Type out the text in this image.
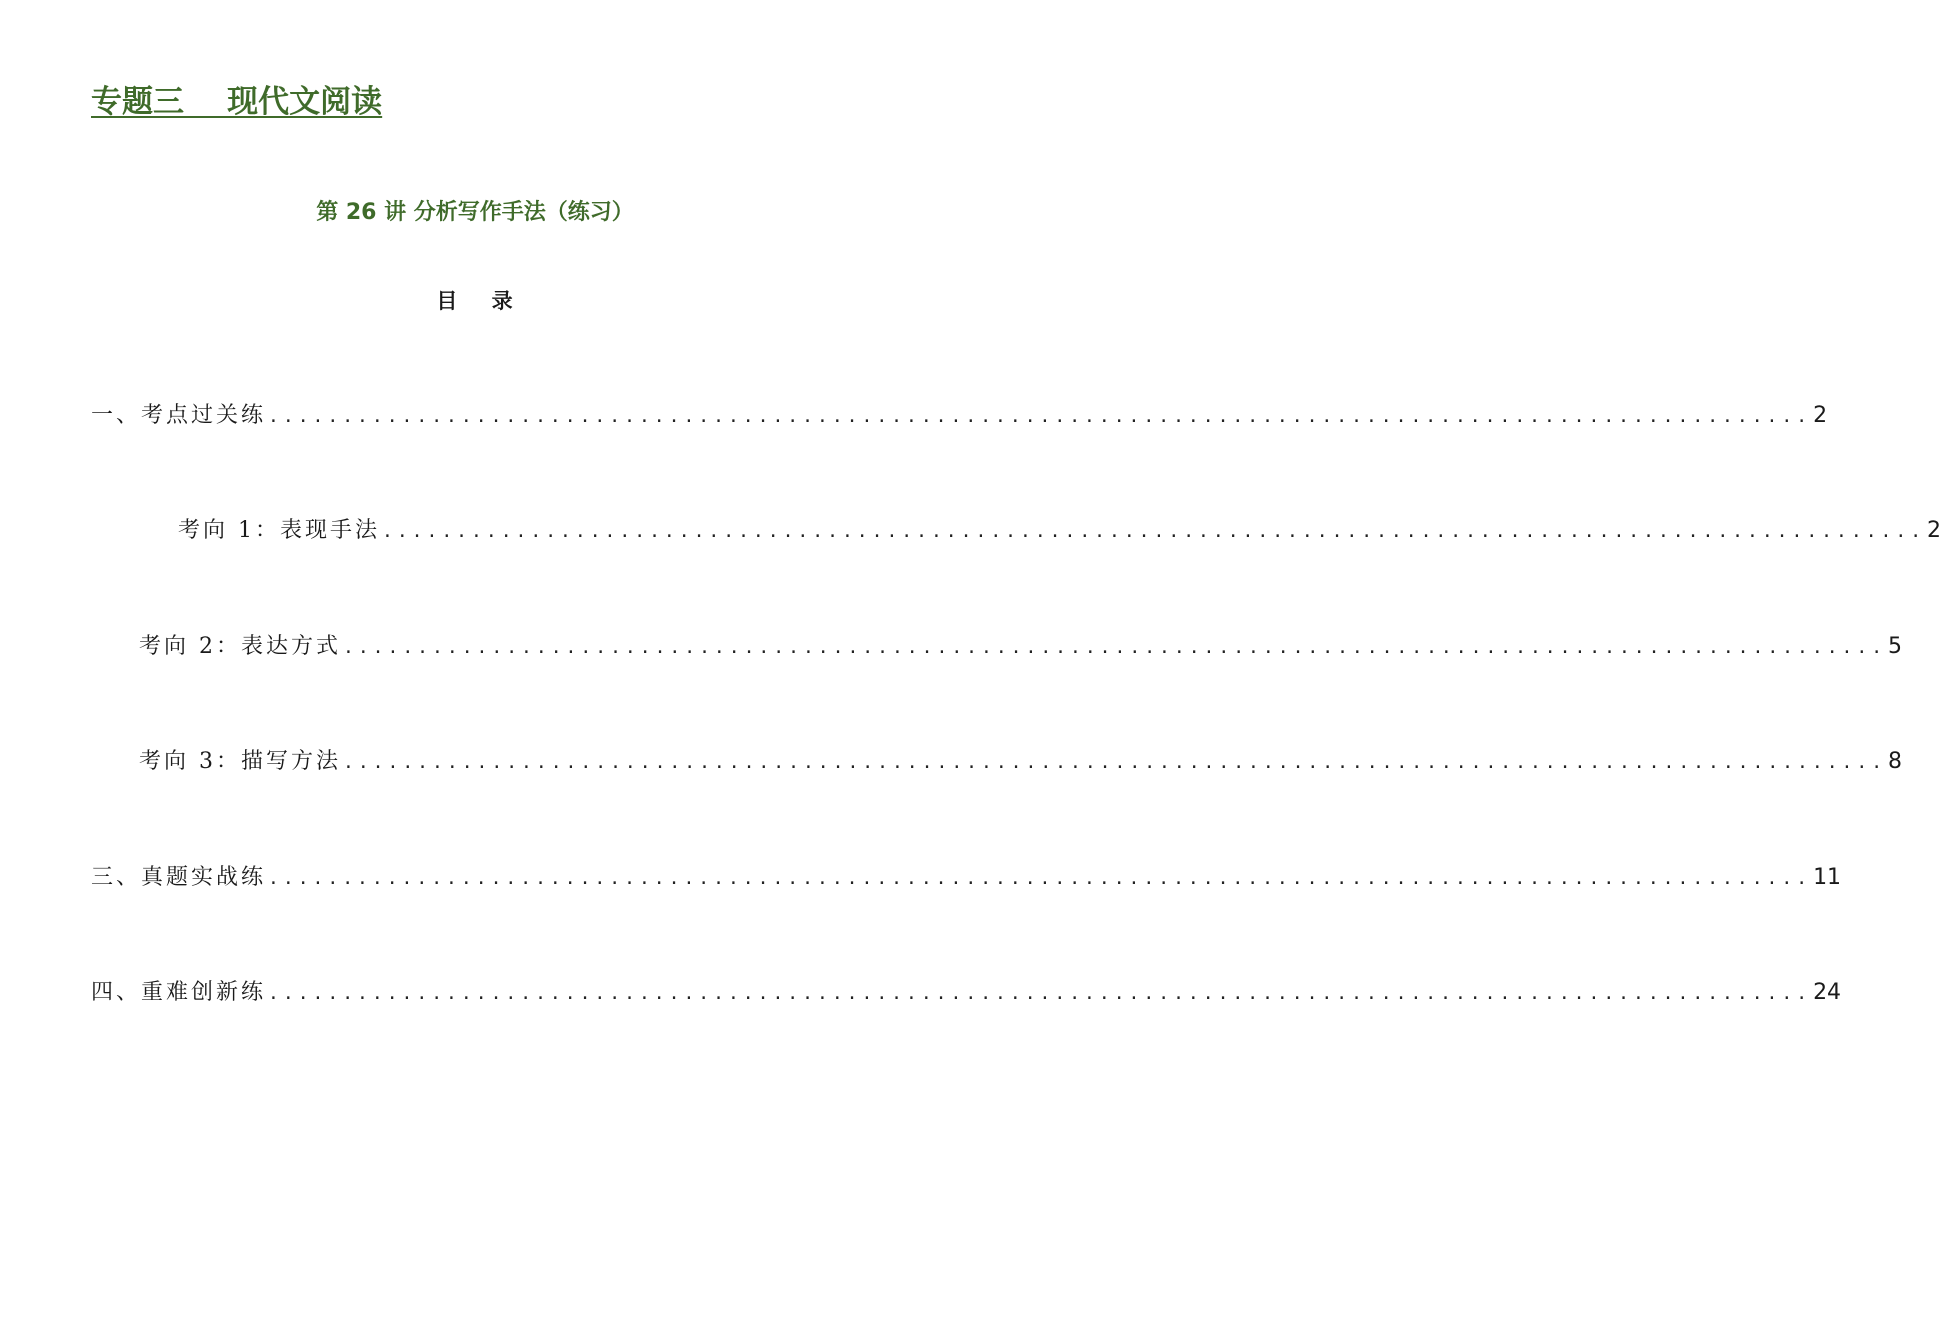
专题三    现代文阅读
第 26 讲 分析写作手法（练习）
目    录
一、考点过关练 ........................................................................................................ 2
考向 1：表现手法 ........................................................................................................ 2
考向 2：表达方式 ........................................................................................................ 5
考向 3：描写方法 ........................................................................................................ 8
三、真题实战练 ........................................................................................................ 11
四、重难创新练 ........................................................................................................ 24
